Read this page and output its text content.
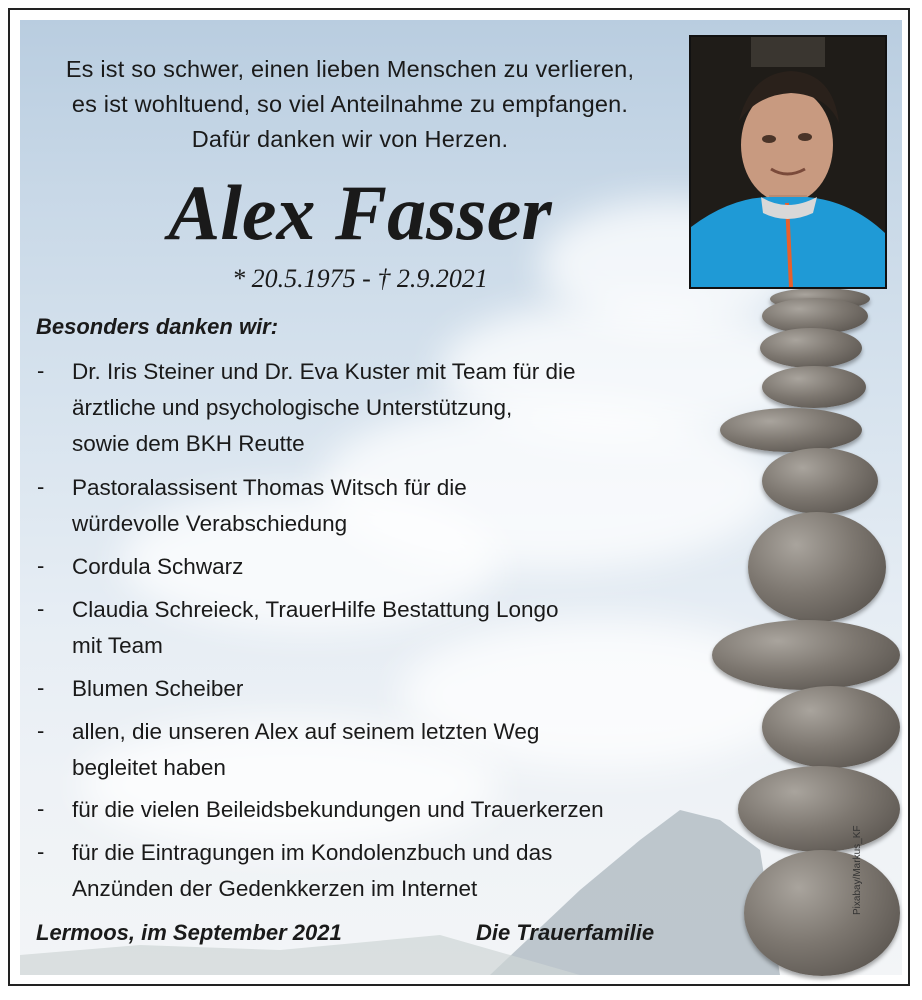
Es ist so schwer, einen lieben Menschen zu verlieren,

es ist wohltuend, so viel Anteilnahme zu empfangen.

Dafür danken wir von Herzen.

Alex Fasser

* 20.5.1975 - † 2.9.2021

Besonders danken wir:

- Dr. Iris Steiner und Dr. Eva Kuster mit Team für die
ärztliche und psychologische Unterstützung,
sowie dem BKH Reutte
- Pastoralassisent Thomas Witsch für die
würdevolle Verabschiedung
- Cordula Schwarz
- Claudia Schreieck, TrauerHilfe Bestattung Longo
mit Team
- Blumen Scheiber
- allen, die unseren Alex auf seinem letzten Weg
begleitet haben
- für die vielen Beileidsbekundungen und Trauerkerzen
- für die Eintragungen im Kondolenzbuch und das
Anzünden der Gedenkkerzen im Internet

Lermoos, im September 2021	Die Trauerfamilie

Pixabay/Markus_KF
